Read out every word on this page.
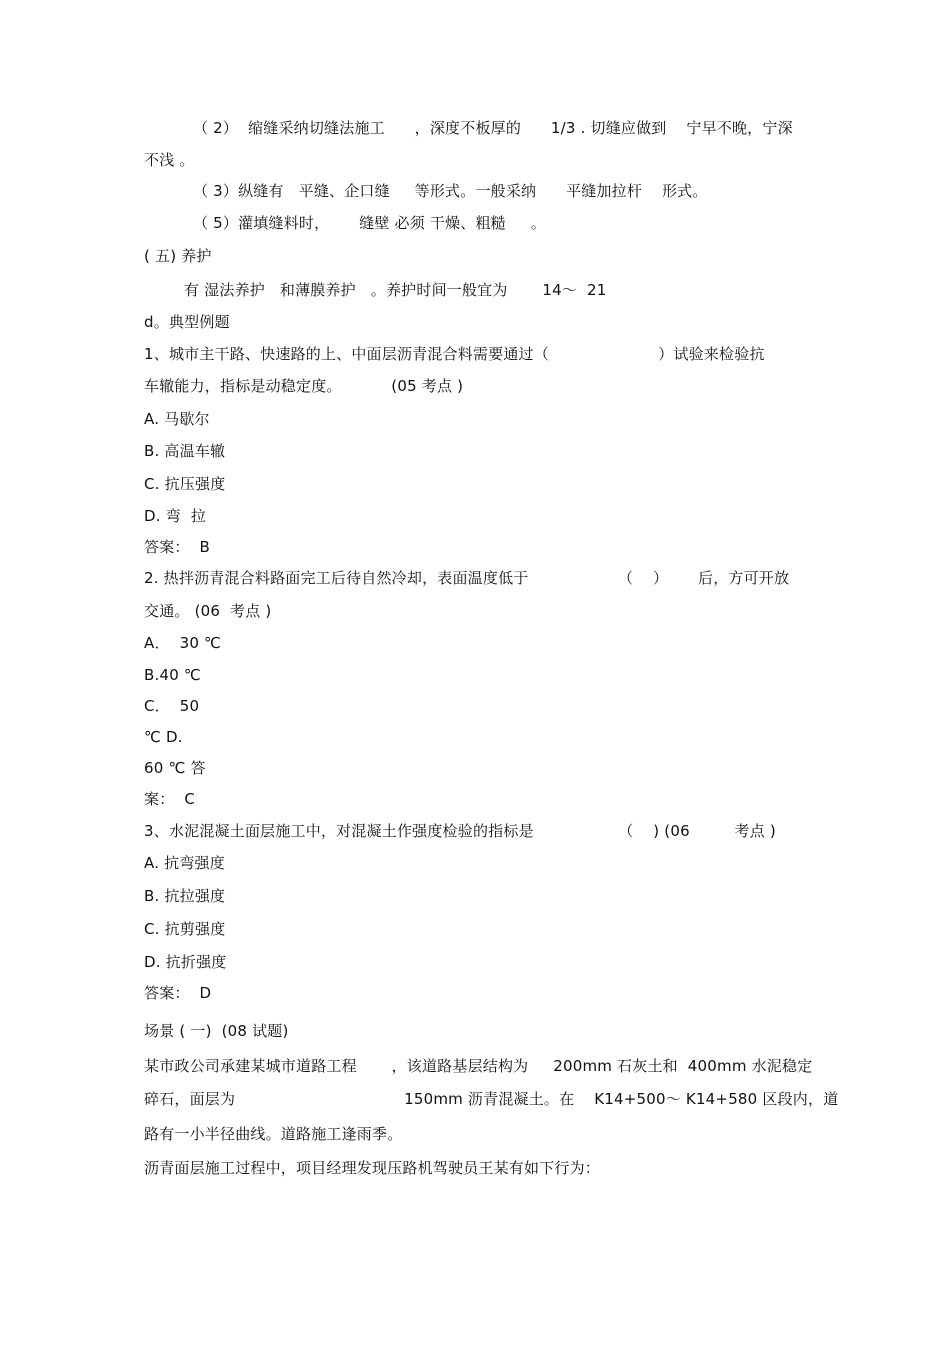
（ 2）  缩缝采纳切缝法施工      ，深度不板厚的      1/3 . 切缝应做到    宁早不晚，宁深
不浅 。
（ 3）纵缝有   平缝、企口缝     等形式。一般采纳      平缝加拉杆    形式。
（ 5）灌填缝料时，      缝壁 必须 干燥、粗糙     。
( 五) 养护
有 湿法养护   和薄膜养护   。养护时间一般宜为       14～  21
d。典型例题
1、城市主干路、快速路的上、中面层沥青混合料需要通过（                      ）试验来检验抗
车辙能力，指标是动稳定度。          (05 考点 )
A. 马歇尔
B. 高温车辙
C. 抗压强度
D. 弯  拉
答案：  B
2. 热拌沥青混合料路面完工后待自然冷却，表面温度低于                  （    ）      后，方可开放
交通。 (06  考点 )
A．  30 ℃
B.40 ℃
C．  50
℃ D.
60 ℃ 答
案：  C
3、水泥混凝土面层施工中，对混凝土作强度检验的指标是                 （    ) (06         考点 )
A. 抗弯强度
B. 抗拉强度
C. 抗剪强度
D. 抗折强度
答案：  D
场景 ( 一)  (08 试题)
某市政公司承建某城市道路工程       ，该道路基层结构为     200mm 石灰土和  400mm 水泥稳定
碎石，面层为                                  150mm 沥青混凝土。在    K14+500～ K14+580 区段内，道
路有一小半径曲线。道路施工逢雨季。
沥青面层施工过程中，项目经理发现压路机驾驶员王某有如下行为：
